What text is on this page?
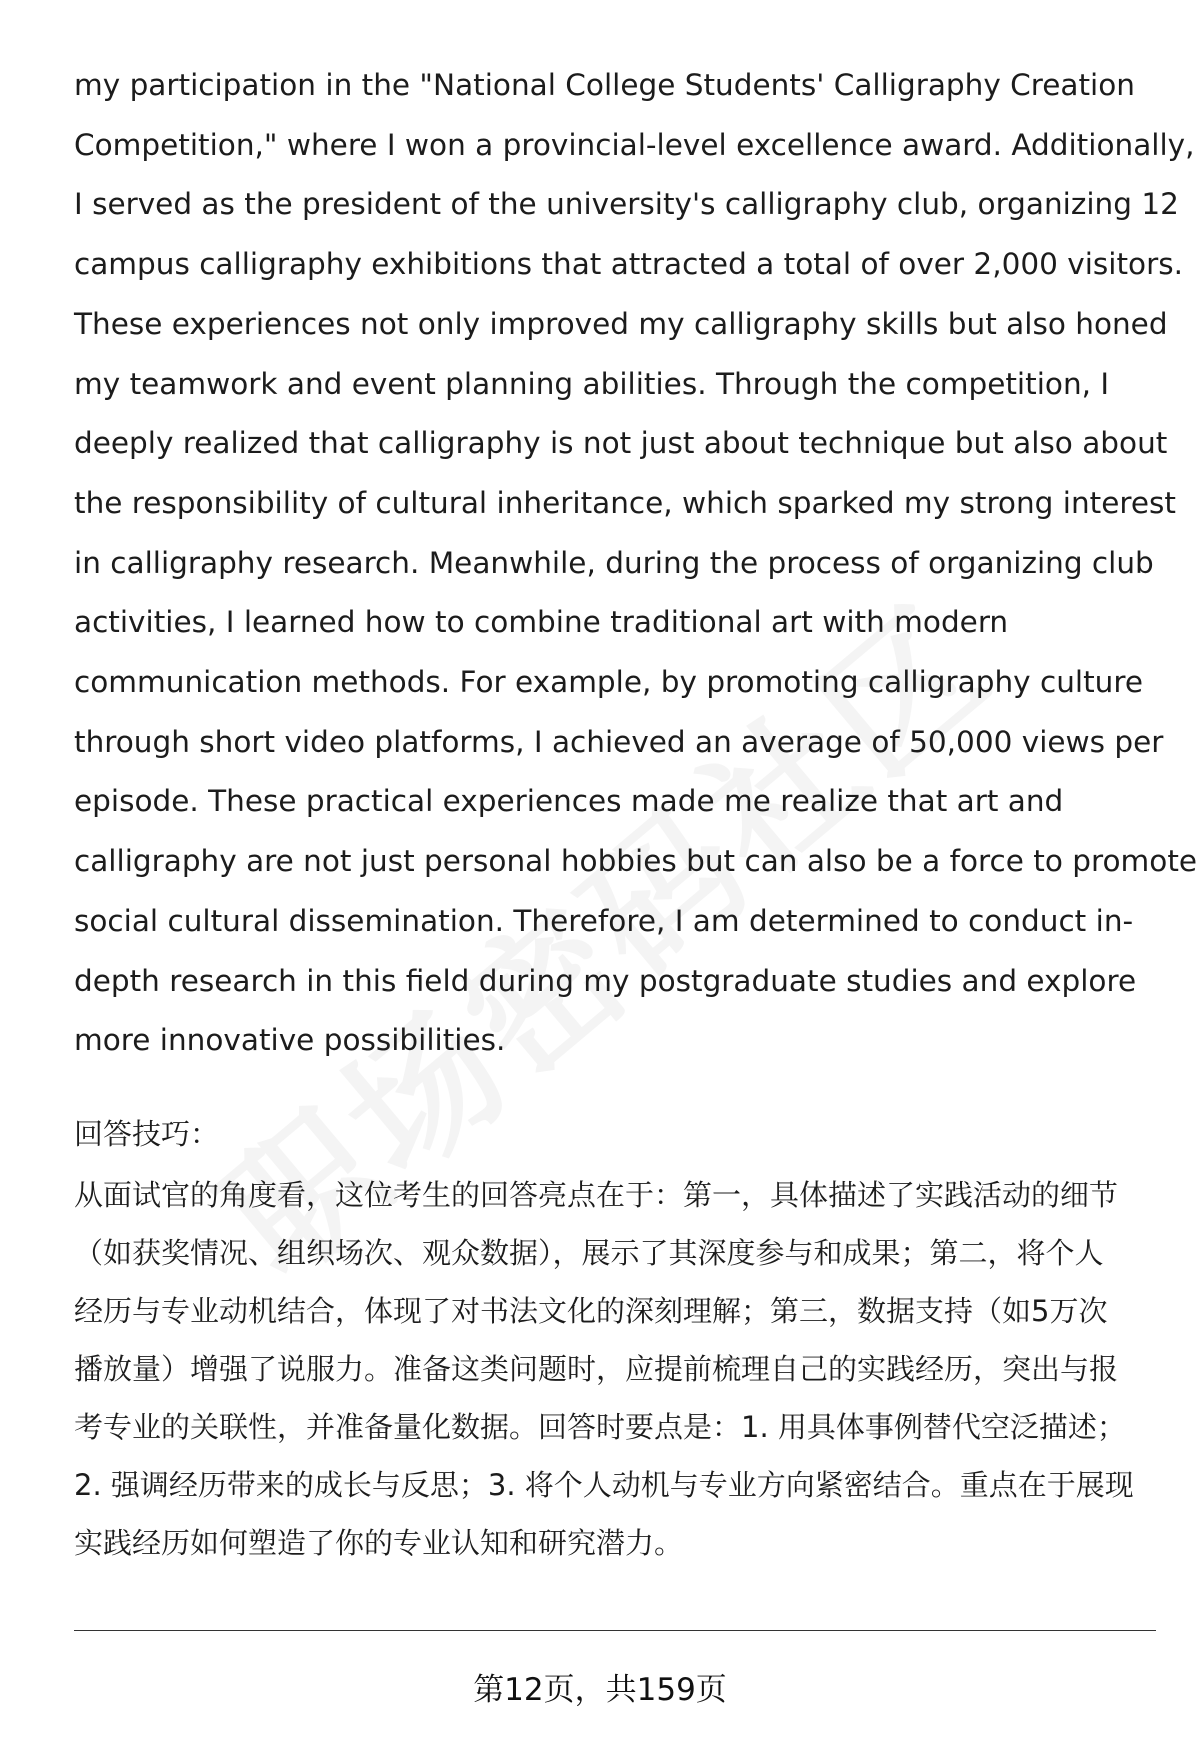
my participation in the "National College Students' Calligraphy Creation
Competition," where I won a provincial-level excellence award. Additionally,
I served as the president of the university's calligraphy club, organizing 12
campus calligraphy exhibitions that attracted a total of over 2,000 visitors.
These experiences not only improved my calligraphy skills but also honed
my teamwork and event planning abilities. Through the competition, I
deeply realized that calligraphy is not just about technique but also about
the responsibility of cultural inheritance, which sparked my strong interest
in calligraphy research. Meanwhile, during the process of organizing club
activities, I learned how to combine traditional art with modern
communication methods. For example, by promoting calligraphy culture
through short video platforms, I achieved an average of 50,000 views per
episode. These practical experiences made me realize that art and
calligraphy are not just personal hobbies but can also be a force to promote
social cultural dissemination. Therefore, I am determined to conduct in-
depth research in this field during my postgraduate studies and explore
more innovative possibilities.
回答技巧：
从面试官的角度看，这位考生的回答亮点在于：第一，具体描述了实践活动的细节
（如获奖情况、组织场次、观众数据），展示了其深度参与和成果；第二，将个人
经历与专业动机结合，体现了对书法文化的深刻理解；第三，数据支持（如5万次
播放量）增强了说服力。准备这类问题时，应提前梳理自己的实践经历，突出与报
考专业的关联性，并准备量化数据。回答时要点是：1. 用具体事例替代空泛描述；
2. 强调经历带来的成长与反思；3. 将个人动机与专业方向紧密结合。重点在于展现
实践经历如何塑造了你的专业认知和研究潜力。
第12页，共159页
